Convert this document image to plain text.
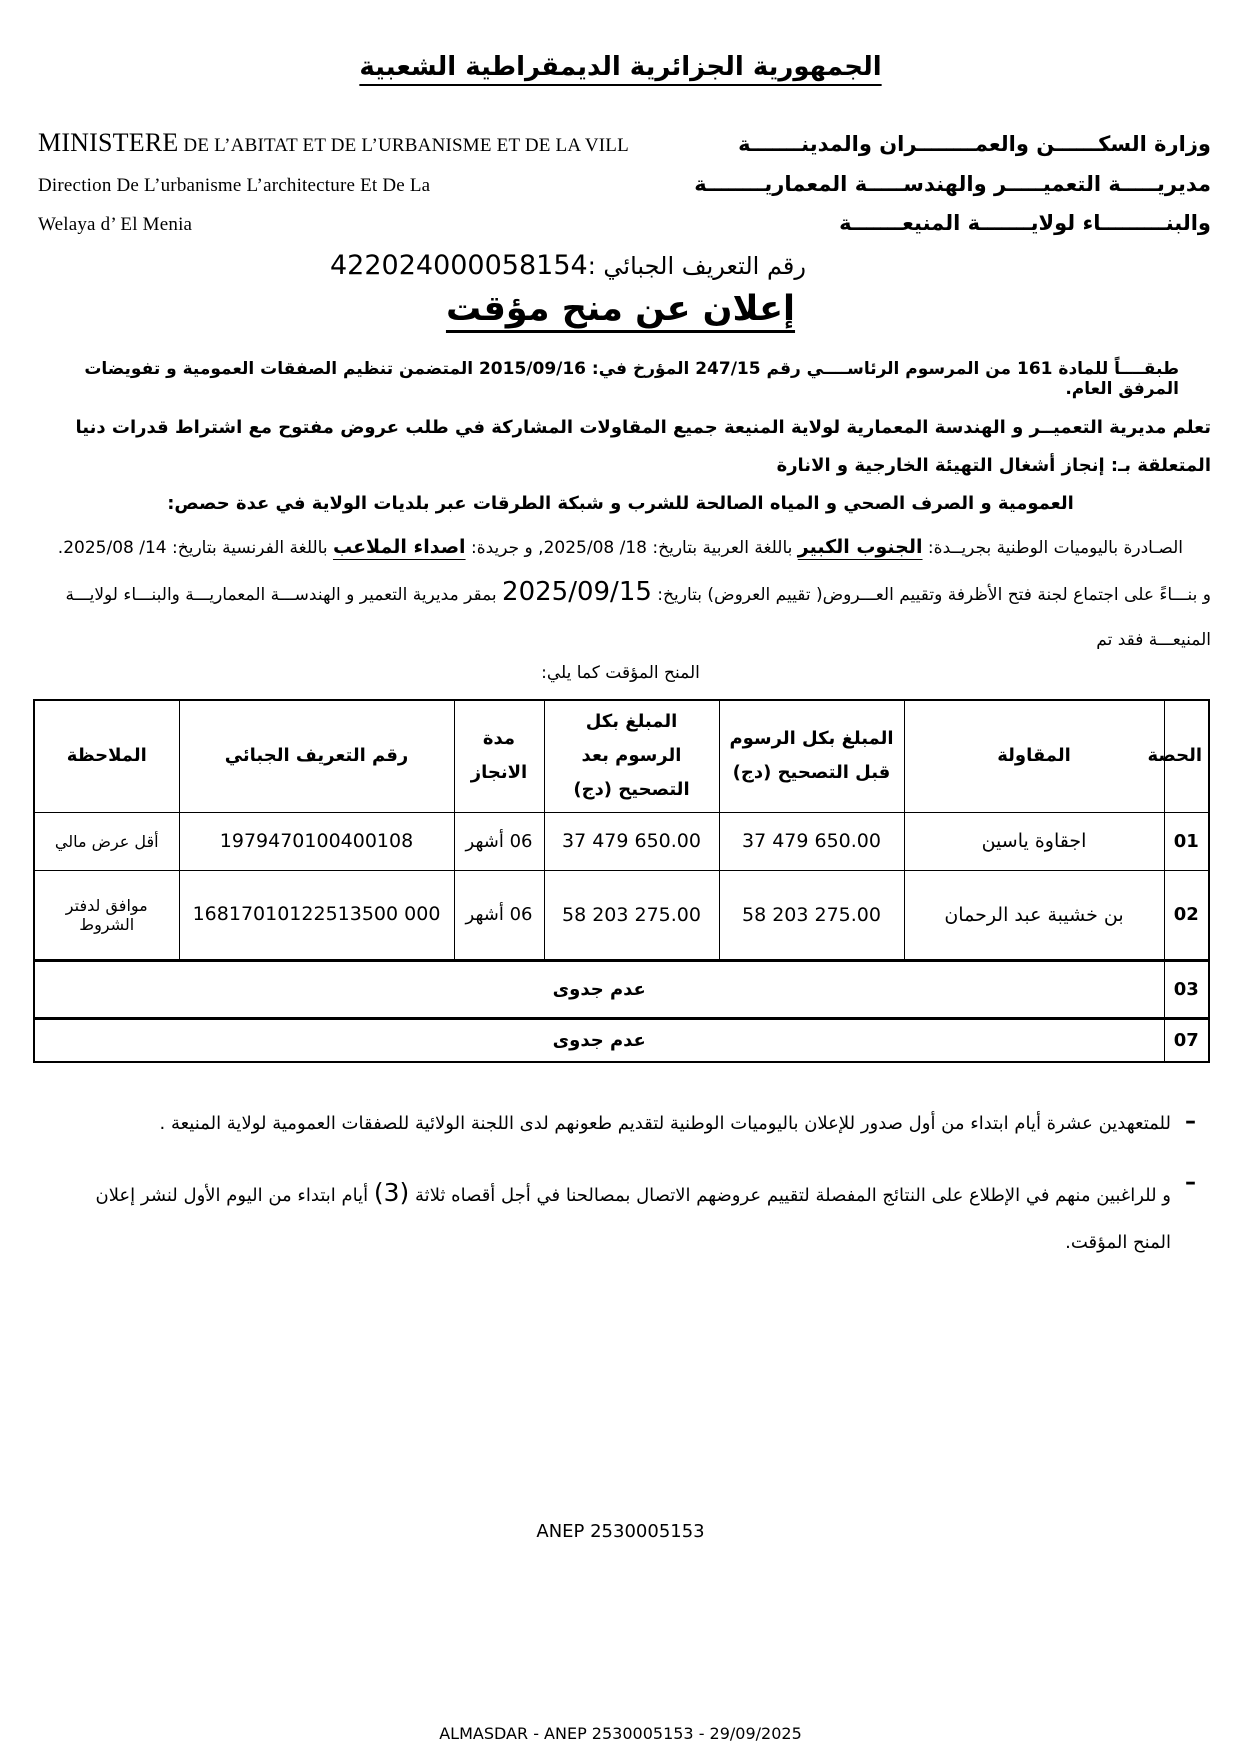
الجمهورية الجزائرية الديمقراطية الشعبية
MINISTERE DE L’ABITAT ET DE L’URBANISME ET DE LA VILL	وزارة السكــــــن والعمــــــــران والمدينـــــــة
Direction De L’urbanisme L’architecture Et De La	مديريـــــة التعميـــــر والهندســـــة المعماريــــــــة
Welaya d’ El Menia	والبنـــــــــاء لولايـــــــة المنيعـــــــة
رقم التعريف الجبائي :422024000058154
إعلان عن منح مؤقت
طبقــــاً للمادة 161 من المرسوم الرئاســــي رقم 247/15 المؤرخ في: 2015/09/16 المتضمن تنظيم الصفقات العمومية و تفويضات المرفق العام.
تعلم مديرية التعميــر و الهندسة المعمارية لولاية المنيعة جميع المقاولات المشاركة في طلب عروض مفتوح مع اشتراط قدرات دنيا المتعلقة بـ: إنجاز أشغال التهيئة الخارجية و الانارة
العمومية و الصرف الصحي و المياه الصالحة للشرب و شبكة الطرقات عبر بلديات الولاية في عدة حصص:
الصـادرة باليوميات الوطنية بجريــدة: الجنوب الكبير باللغة العربية بتاريخ: 18/ 2025/08, و جريدة: اصداء الملاعب باللغة الفرنسية بتاريخ: 14/ 2025/08.
و بنـــاءً على اجتماع لجنة فتح الأظرفة وتقييم العـــروض( تقييم العروض) بتاريخ: 2025/09/15 بمقر مديرية التعمير و الهندســـة المعماريـــة والبنـــاء لولايـــة المنيعـــة فقد تم
المنح المؤقت كما يلي:
الحصة	المقاولة	المبلغ بكل الرسوم قبل التصحيح (دج)	المبلغ بكل الرسوم بعد التصحيح (دج)	مدة الانجاز	رقم التعريف الجبائي	الملاحظة
01	اجقاوة ياسين	37 479 650.00	37 479 650.00	06 أشهر	1979470100400108	أقل عرض مالي
02	بن خشيبة عبد الرحمان	58 203 275.00	58 203 275.00	06 أشهر	16817010122513500 000	موافق لدفتر الشروط
03	عدم جدوى					
07	عدم جدوى					
–
للمتعهدين عشرة أيام ابتداء من أول صدور للإعلان باليوميات الوطنية لتقديم طعونهم لدى اللجنة الولائية للصفقات العمومية لولاية المنيعة .
–
و للراغبين منهم في الإطلاع على النتائج المفصلة لتقييم عروضهم الاتصال بمصالحنا في أجل أقصاه ثلاثة (3) أيام ابتداء من اليوم الأول لنشر إعلان المنح المؤقت.
ANEP 2530005153
ALMASDAR - ANEP 2530005153 - 29/09/2025
